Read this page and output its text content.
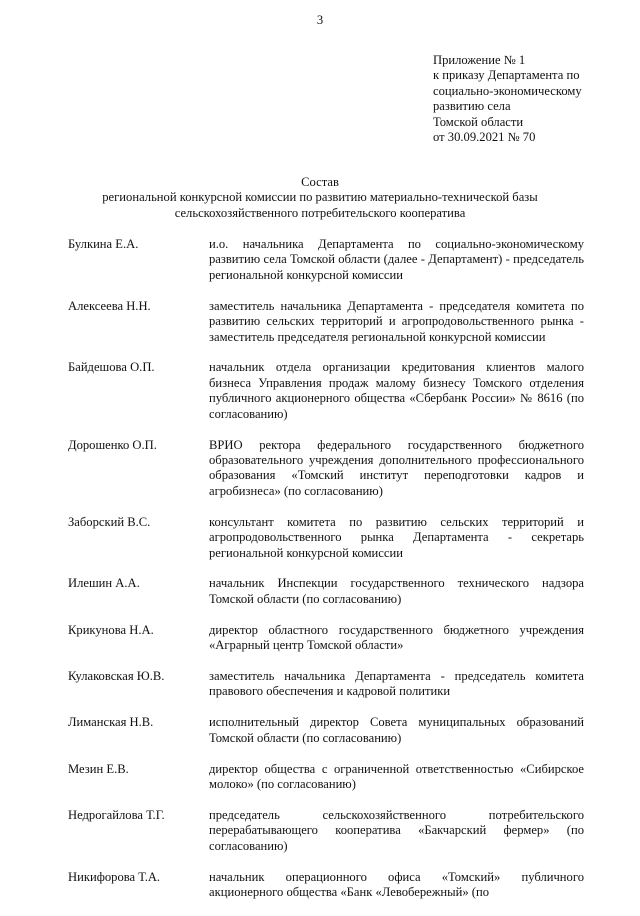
3
Приложение № 1
к приказу Департамента по
социально-экономическому
развитию села
Томской области
от 30.09.2021 № 70
Состав
региональной конкурсной комиссии по развитию материально-технической базы
сельскохозяйственного потребительского кооператива
Булкина Е.А.	и.о. начальника Департамента по социально-экономическому развитию села Томской области (далее - Департамент) - председатель региональной конкурсной комиссии
Алексеева Н.Н.	заместитель начальника Департамента - председателя комитета по развитию сельских территорий и агропродовольственного рынка - заместитель председателя региональной конкурсной комиссии
Байдешова О.П.	начальник отдела организации кредитования клиентов малого бизнеса Управления продаж малому бизнесу Томского отделения публичного акционерного общества «Сбербанк России» № 8616 (по согласованию)
Дорошенко О.П.	ВРИО ректора федерального государственного бюджетного образовательного учреждения дополнительного профессионального образования «Томский институт переподготовки кадров и агробизнеса» (по согласованию)
Заборский В.С.	консультант комитета по развитию сельских территорий и агропродовольственного рынка Департамента - секретарь региональной конкурсной комиссии
Илешин А.А.	начальник Инспекции государственного технического надзора Томской области (по согласованию)
Крикунова Н.А.	директор областного государственного бюджетного учреждения «Аграрный центр Томской области»
Кулаковская Ю.В.	заместитель начальника Департамента - председатель комитета правового обеспечения и кадровой политики
Лиманская Н.В.	исполнительный директор Совета муниципальных образований Томской области (по согласованию)
Мезин Е.В.	директор общества с ограниченной ответственностью «Сибирское молоко» (по согласованию)
Недрогайлова Т.Г.	председатель сельскохозяйственного потребительского перерабатывающего кооператива «Бакчарский фермер» (по согласованию)
Никифорова Т.А.	начальник операционного офиса «Томский» публичного акционерного общества «Банк «Левобережный» (по
